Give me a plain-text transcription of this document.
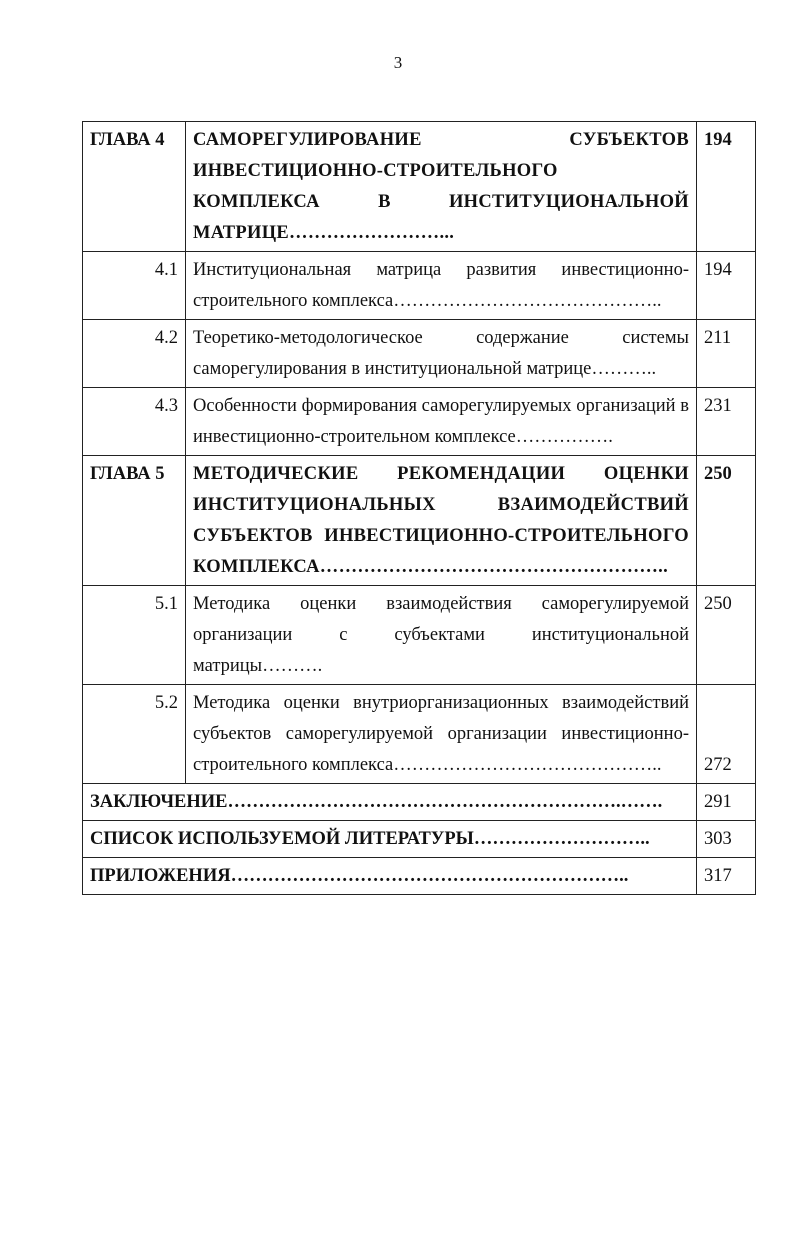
3
ГЛАВА 4	САМОРЕГУЛИРОВАНИЕ СУБЪЕКТОВ ИНВЕСТИЦИОННО-СТРОИТЕЛЬНОГО КОМПЛЕКСА В ИНСТИТУЦИОНАЛЬНОЙ МАТРИЦЕ……………………...	194
4.1	Институциональная матрица развития инвестиционно-строительного комплекса……………………………………..	194
4.2	Теоретико-методологическое содержание системы саморегулирования в институциональной матрице………..	211
4.3	Особенности формирования саморегулируемых организаций в инвестиционно-строительном комплексе…………….	231
ГЛАВА 5	МЕТОДИЧЕСКИЕ РЕКОМЕНДАЦИИ ОЦЕНКИ ИНСТИТУЦИОНАЛЬНЫХ ВЗАИМОДЕЙСТВИЙ СУБЪЕКТОВ ИНВЕСТИЦИОННО-СТРОИТЕЛЬНОГО КОМПЛЕКСА………………………………………………..	250
5.1	Методика оценки взаимодействия саморегулируемой организации с субъектами институциональной матрицы……….	250
5.2	Методика оценки внутриорганизационных взаимодействий субъектов саморегулируемой организации инвестиционно-строительного комплекса……………………………………..	272
ЗАКЛЮЧЕНИЕ……………………………………………………….…….		291
СПИСОК ИСПОЛЬЗУЕМОЙ ЛИТЕРАТУРЫ………………………..		303
ПРИЛОЖЕНИЯ………………………………………………………..		317
